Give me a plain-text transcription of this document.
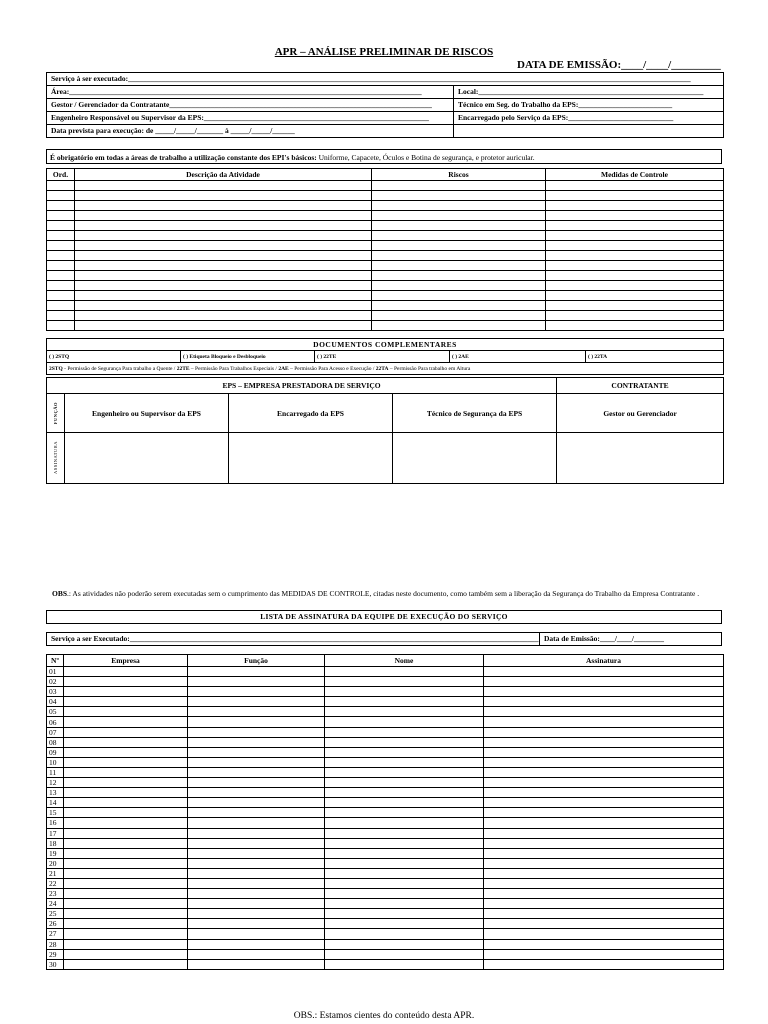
APR – ANÁLISE PRELIMINAR DE RISCOS
DATA DE EMISSÃO:____/____/_________
Serviço à ser executado:______________________________________________________________________________________________________________________________________________________
Área:______________________________________________________________________________________________	Local:____________________________________________________________
Gestor / Gerenciador da Contratante______________________________________________________________________	Técnico em Seg. do Trabalho da EPS:_________________________
Engenheiro Responsável ou Supervisor da EPS:____________________________________________________________	Encarregado pelo Serviço da EPS:____________________________
Data prevista para execução: de _____/_____/_______ à _____/_____/______
É obrigatório em todas a áreas de trabalho a utilização constante dos EPI's básicos: Uniforme, Capacete, Óculos e Botina de segurança, e protetor auricular.
Ord.	Descrição da Atividade	Riscos	Medidas de Controle

DOCUMENTOS COMPLEMENTARES
( ) 2STQ	( ) Etiqueta Bloqueio e Desbloqueio	( ) 22TE	( ) 2AE	( ) 22TA
2STQ - Permissão de Segurança Para trabalho a Quente / 22TE – Permissão Para Trabalhos Especiais / 2AE – Permissão Para Acesso e Execução / 22TA – Permissão Para trabalho em Altura
EPS – EMPRESA PRESTADORA DE SERVIÇO				CONTRATANTE

FUNÇÃO	Engenheiro ou Supervisor da EPS	Encarregado da EPS	Técnico de Segurança da EPS	Gestor ou Gerenciador

ASSINATURA				

OBS.: As atividades não poderão serem executadas sem o cumprimento das MEDIDAS DE CONTROLE, citadas neste documento, como também sem a liberação da Segurança do Trabalho da Empresa Contratante .
LISTA DE ASSINATURA DA EQUIPE DE EXECUÇÃO DO SERVIÇO
Serviço a ser Executado:_____________________________________________________________________________________________________________ Data de Emissão:____/____/________
Nº	Empresa	Função	Nome	Assinatura
01				
02				
03				
04				
05				
06				
07				
08				
09				
10				
11				
12				
13				
14				
15				
16				
17				
18				
19				
20				
21				
22				
23				
24				
25				
26				
27				
28				
29				
30				
OBS.: Estamos cientes do conteúdo desta APR.
